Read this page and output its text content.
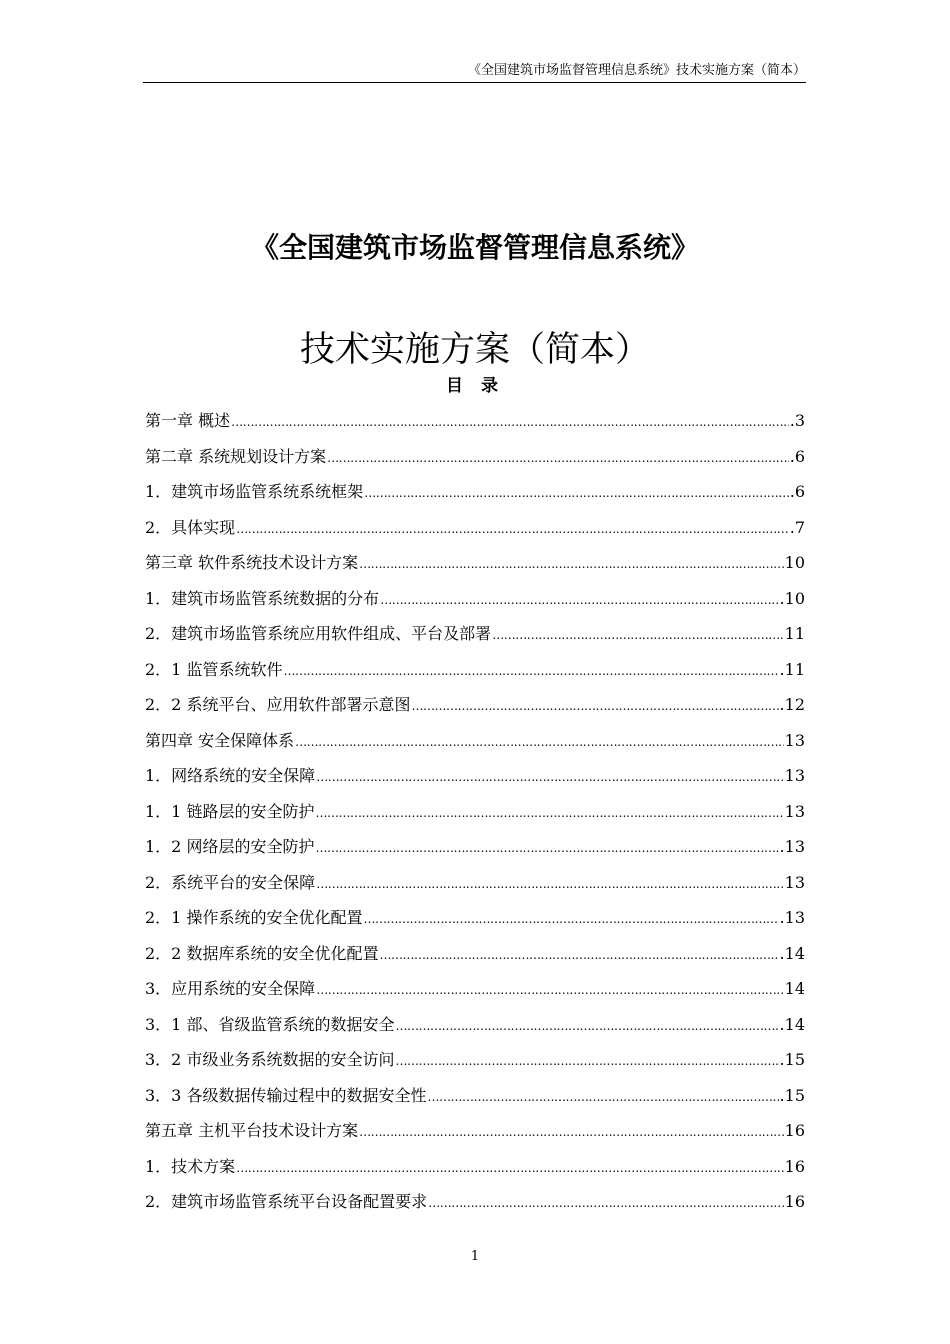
《全国建筑市场监督管理信息系统》技术实施方案（简本）
《全国建筑市场监督管理信息系统》
技术实施方案（简本）
目 录
第一章 概述 ……………………………………………………………………………………………………………………………………………………………………………………	.3
第二章 系统规划设计方案 ……………………………………………………………………………………………………………………………………………………………………………………	.6
1．建筑市场监管系统系统框架 ……………………………………………………………………………………………………………………………………………………………………………………	.6
2．具体实现 ……………………………………………………………………………………………………………………………………………………………………………………	.7
第三章 软件系统技术设计方案 ……………………………………………………………………………………………………………………………………………………………………………………	10
1．建筑市场监管系统数据的分布 ……………………………………………………………………………………………………………………………………………………………………………………	.10
2．建筑市场监管系统应用软件组成、平台及部署 ……………………………………………………………………………………………………………………………………………………………………………………	11
2．1 监管系统软件 ……………………………………………………………………………………………………………………………………………………………………………………	.11
2．2 系统平台、应用软件部署示意图 ……………………………………………………………………………………………………………………………………………………………………………………	.12
第四章 安全保障体系 ……………………………………………………………………………………………………………………………………………………………………………………	13
1．网络系统的安全保障 ……………………………………………………………………………………………………………………………………………………………………………………	13
1．1 链路层的安全防护 ……………………………………………………………………………………………………………………………………………………………………………………	13
1．2 网络层的安全防护 ……………………………………………………………………………………………………………………………………………………………………………………	.13
2．系统平台的安全保障 ……………………………………………………………………………………………………………………………………………………………………………………	13
2．1 操作系统的安全优化配置 ……………………………………………………………………………………………………………………………………………………………………………………	.13
2．2 数据库系统的安全优化配置 ……………………………………………………………………………………………………………………………………………………………………………………	.14
3．应用系统的安全保障 ……………………………………………………………………………………………………………………………………………………………………………………	14
3．1 部、省级监管系统的数据安全 ……………………………………………………………………………………………………………………………………………………………………………………	.14
3．2 市级业务系统数据的安全访问 ……………………………………………………………………………………………………………………………………………………………………………………	.15
3．3 各级数据传输过程中的数据安全性 ……………………………………………………………………………………………………………………………………………………………………………………	.15
第五章 主机平台技术设计方案 ……………………………………………………………………………………………………………………………………………………………………………………	16
1．技术方案 ……………………………………………………………………………………………………………………………………………………………………………………	16
2．建筑市场监管系统平台设备配置要求 ……………………………………………………………………………………………………………………………………………………………………………………	16
1
